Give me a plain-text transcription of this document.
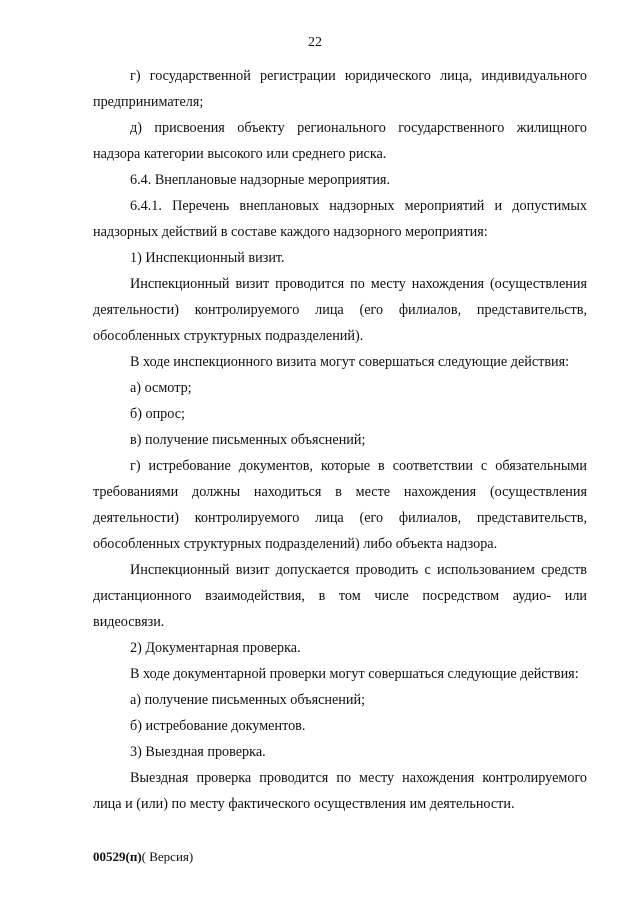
22

г) государственной регистрации юридического лица, индивидуального предпринимателя;

д) присвоения объекту регионального государственного жилищного надзора категории высокого или среднего риска.

6.4. Внеплановые надзорные мероприятия.

6.4.1. Перечень внеплановых надзорных мероприятий и допустимых надзорных действий в составе каждого надзорного мероприятия:

1) Инспекционный визит.

Инспекционный визит проводится по месту нахождения (осуществления деятельности) контролируемого лица (его филиалов, представительств, обособленных структурных подразделений).

В ходе инспекционного визита могут совершаться следующие действия:

а) осмотр;

б) опрос;

в) получение письменных объяснений;

г) истребование документов, которые в соответствии с обязательными требованиями должны находиться в месте нахождения (осуществления деятельности) контролируемого лица (его филиалов, представительств, обособленных структурных подразделений) либо объекта надзора.

Инспекционный визит допускается проводить с использованием средств дистанционного взаимодействия, в том числе посредством аудио- или видеосвязи.

2) Документарная проверка.

В ходе документарной проверки могут совершаться следующие действия:

а) получение письменных объяснений;

б) истребование документов.

3) Выездная проверка.

Выездная проверка проводится по месту нахождения контролируемого лица и (или) по месту фактического осуществления им деятельности.

00529(п)( Версия)
